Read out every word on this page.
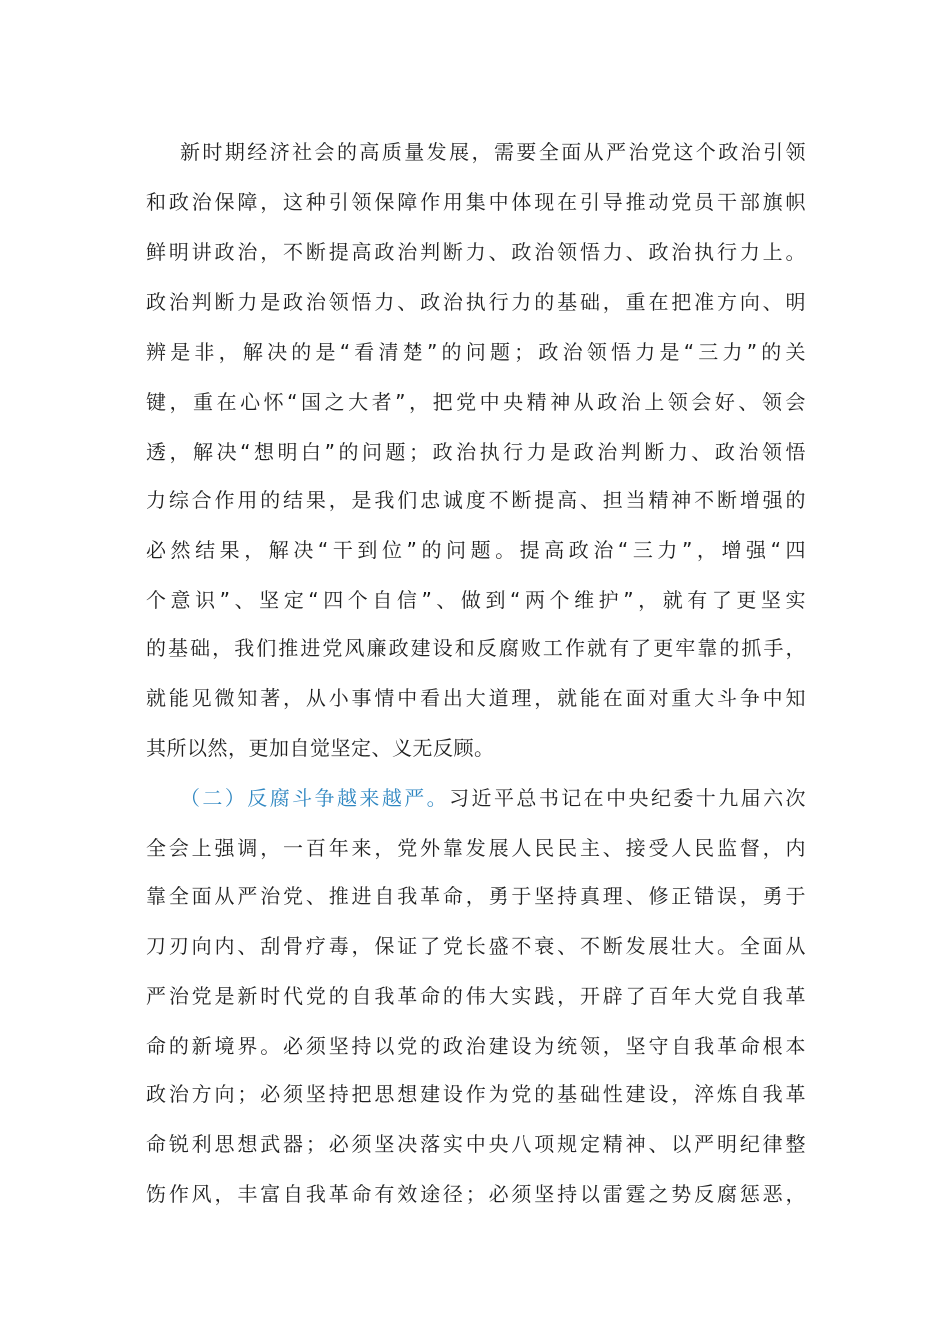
新时期经济社会的高质量发展，需要全面从严治党这个政治引领
和政治保障，这种引领保障作用集中体现在引导推动党员干部旗帜
鲜明讲政治，不断提高政治判断力、政治领悟力、政治执行力上。
政治判断力是政治领悟力、政治执行力的基础，重在把准方向、明
辨是非，解决的是“看清楚”的问题；政治领悟力是“三力”的关
键，重在心怀“国之大者”，把党中央精神从政治上领会好、领会
透，解决“想明白”的问题；政治执行力是政治判断力、政治领悟
力综合作用的结果，是我们忠诚度不断提高、担当精神不断增强的
必然结果，解决“干到位”的问题。提高政治“三力”，增强“四
个意识”、坚定“四个自信”、做到“两个维护”，就有了更坚实
的基础，我们推进党风廉政建设和反腐败工作就有了更牢靠的抓手，
就能见微知著，从小事情中看出大道理，就能在面对重大斗争中知
其所以然，更加自觉坚定、义无反顾。
（二）反腐斗争越来越严。习近平总书记在中央纪委十九届六次
全会上强调，一百年来，党外靠发展人民民主、接受人民监督，内
靠全面从严治党、推进自我革命，勇于坚持真理、修正错误，勇于
刀刃向内、刮骨疗毒，保证了党长盛不衰、不断发展壮大。全面从
严治党是新时代党的自我革命的伟大实践，开辟了百年大党自我革
命的新境界。必须坚持以党的政治建设为统领，坚守自我革命根本
政治方向；必须坚持把思想建设作为党的基础性建设，淬炼自我革
命锐利思想武器；必须坚决落实中央八项规定精神、以严明纪律整
饬作风，丰富自我革命有效途径；必须坚持以雷霆之势反腐惩恶，
